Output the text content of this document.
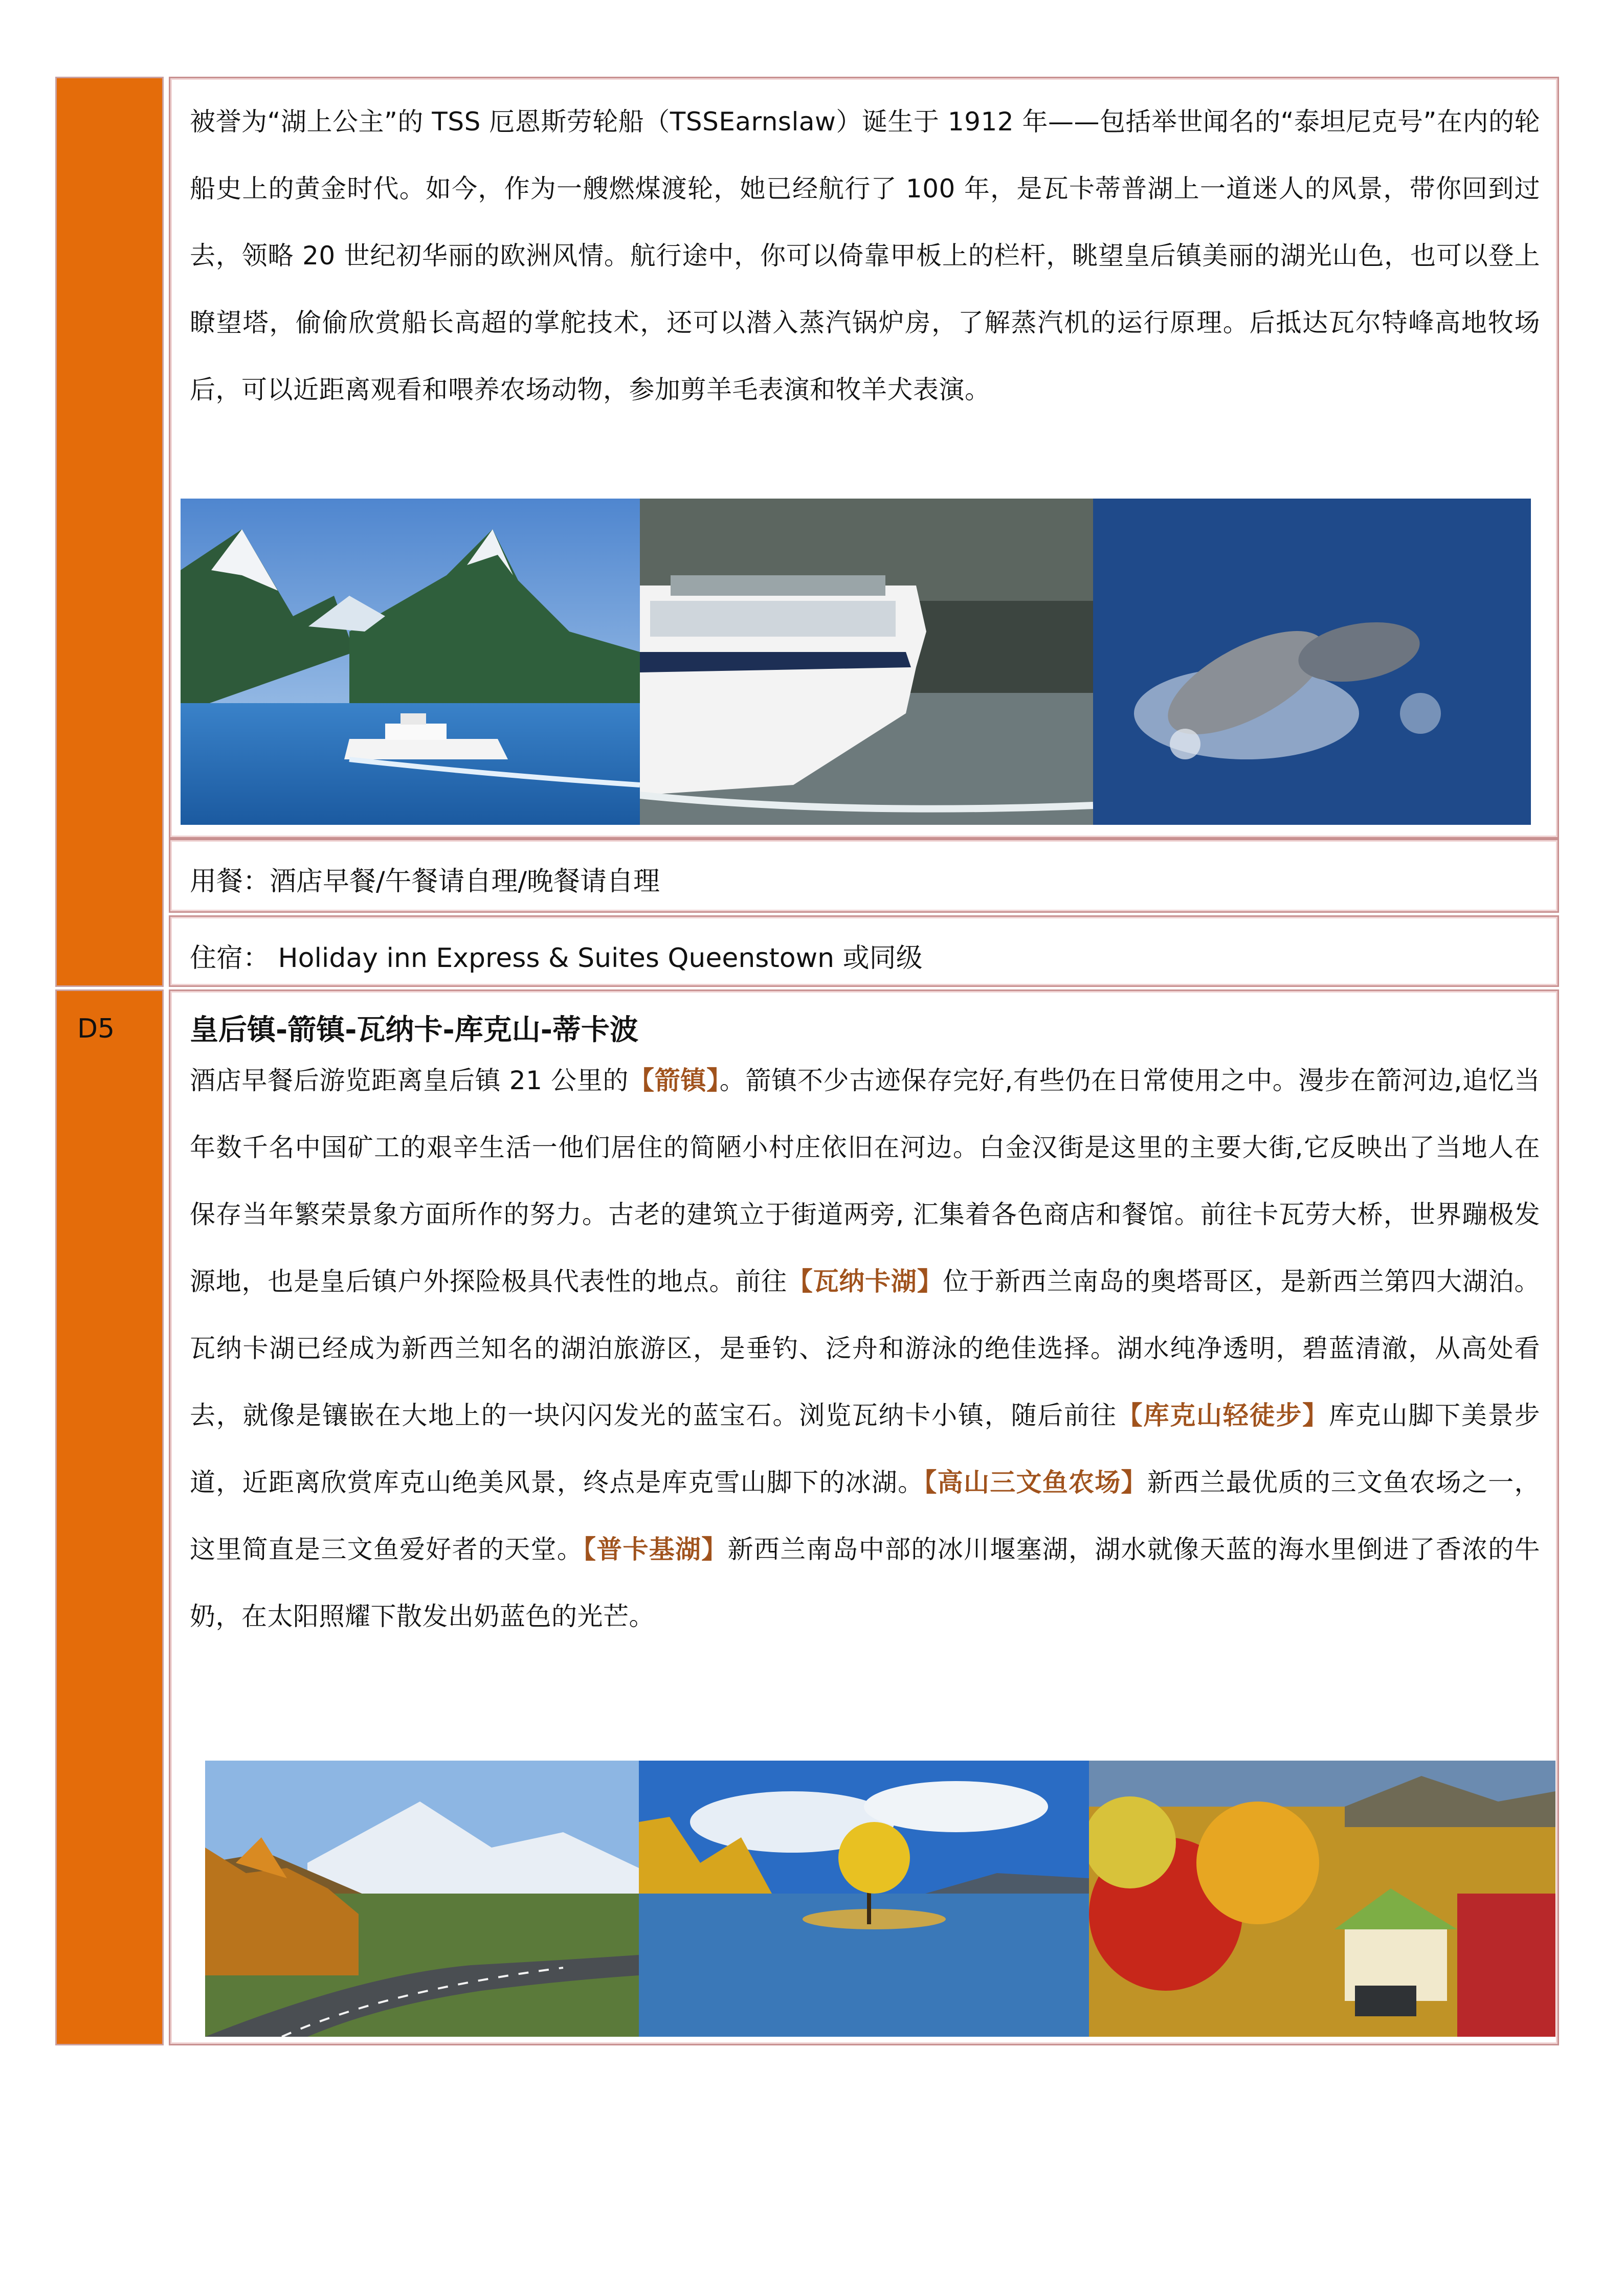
被誉为“湖上公主”的 TSS 厄恩斯劳轮船（TSSEarnslaw）诞生于 1912 年——包括举世闻名的“泰坦尼克号”在内的轮船史上的黄金时代。如今，作为一艘燃煤渡轮，她已经航行了 100 年，是瓦卡蒂普湖上一道迷人的风景，带你回到过去，领略 20 世纪初华丽的欧洲风情。航行途中，你可以倚靠甲板上的栏杆，眺望皇后镇美丽的湖光山色，也可以登上瞭望塔，偷偷欣赏船长高超的掌舵技术，还可以潜入蒸汽锅炉房，了解蒸汽机的运行原理。后抵达瓦尔特峰高地牧场后，可以近距离观看和喂养农场动物，参加剪羊毛表演和牧羊犬表演。
用餐：酒店早餐/午餐请自理/晚餐请自理
住宿： Holiday inn Express & Suites Queenstown 或同级
D5	皇后镇-箭镇-瓦纳卡-库克山-蒂卡波
酒店早餐后游览距离皇后镇 21 公里的【箭镇】。箭镇不少古迹保存完好,有些仍在日常使用之中。漫步在箭河边,追忆当年数千名中国矿工的艰辛生活一他们居住的简陋小村庄依旧在河边。白金汉街是这里的主要大街,它反映出了当地人在保存当年繁荣景象方面所作的努力。古老的建筑立于街道两旁, 汇集着各色商店和餐馆。前往卡瓦劳大桥，世界蹦极发源地，也是皇后镇户外探险极具代表性的地点。前往【瓦纳卡湖】位于新西兰南岛的奥塔哥区，是新西兰第四大湖泊。瓦纳卡湖已经成为新西兰知名的湖泊旅游区，是垂钓、泛舟和游泳的绝佳选择。湖水纯净透明，碧蓝清澈，从高处看去，就像是镶嵌在大地上的一块闪闪发光的蓝宝石。浏览瓦纳卡小镇，随后前往【库克山轻徒步】库克山脚下美景步道，近距离欣赏库克山绝美风景，终点是库克雪山脚下的冰湖。【高山三文鱼农场】新西兰最优质的三文鱼农场之一，这里简直是三文鱼爱好者的天堂。【普卡基湖】新西兰南岛中部的冰川堰塞湖，湖水就像天蓝的海水里倒进了香浓的牛奶，在太阳照耀下散发出奶蓝色的光芒。
